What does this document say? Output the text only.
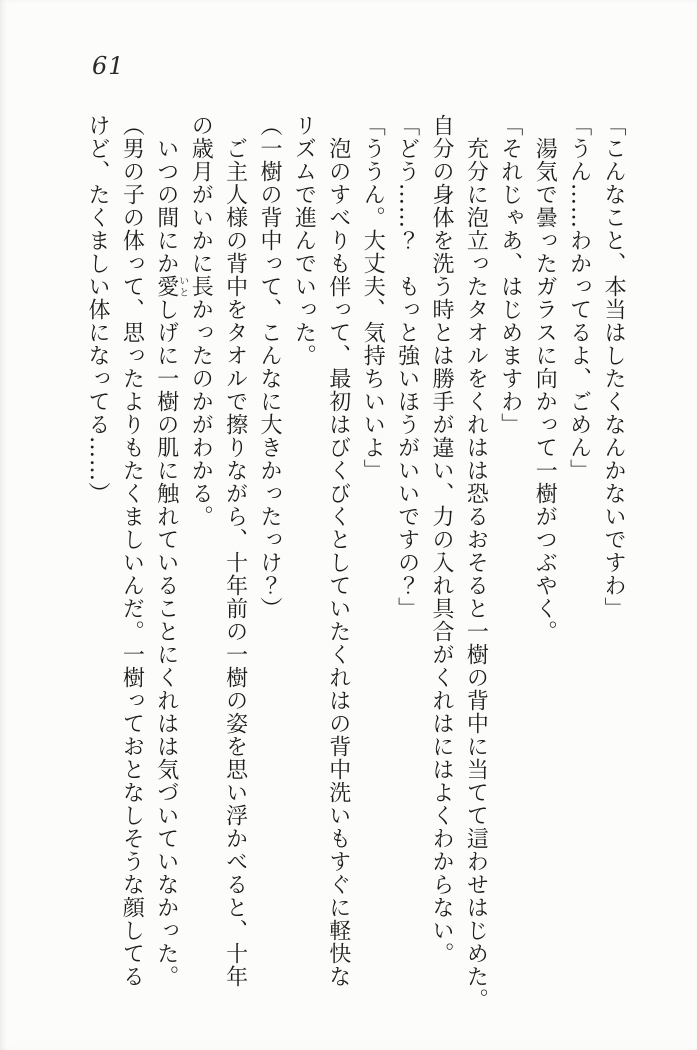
61
「こんなこと、本当はしたくなんかないですわ」
「うん……わかってるよ、ごめん」
湯気で曇ったガラスに向かって一樹がつぶやく。
「それじゃあ、はじめますわ」
充分に泡立ったタオルをくれはは恐るおそると一樹の背中に当てて這わせはじめた。
自分の身体を洗う時とは勝手が違い、力の入れ具合がくれはにはよくわからない。
「どう……？　もっと強いほうがいいですの？」
「ううん。大丈夫、気持ちいいよ」
泡のすべりも伴って、最初はびくびくとしていたくれはの背中洗いもすぐに軽快な
リズムで進んでいった。
（一樹の背中って、こんなに大きかったっけ？）
ご主人様の背中をタオルで擦りながら、十年前の一樹の姿を思い浮かべると、十年
の歳月がいかに長かったのかがわかる。
いつの間にか愛いとしげに一樹の肌に触れていることにくれはは気づいていなかった。
（男の子の体って、思ったよりもたくましいんだ。一樹っておとなしそうな顔してる
けど、たくましい体になってる……）
